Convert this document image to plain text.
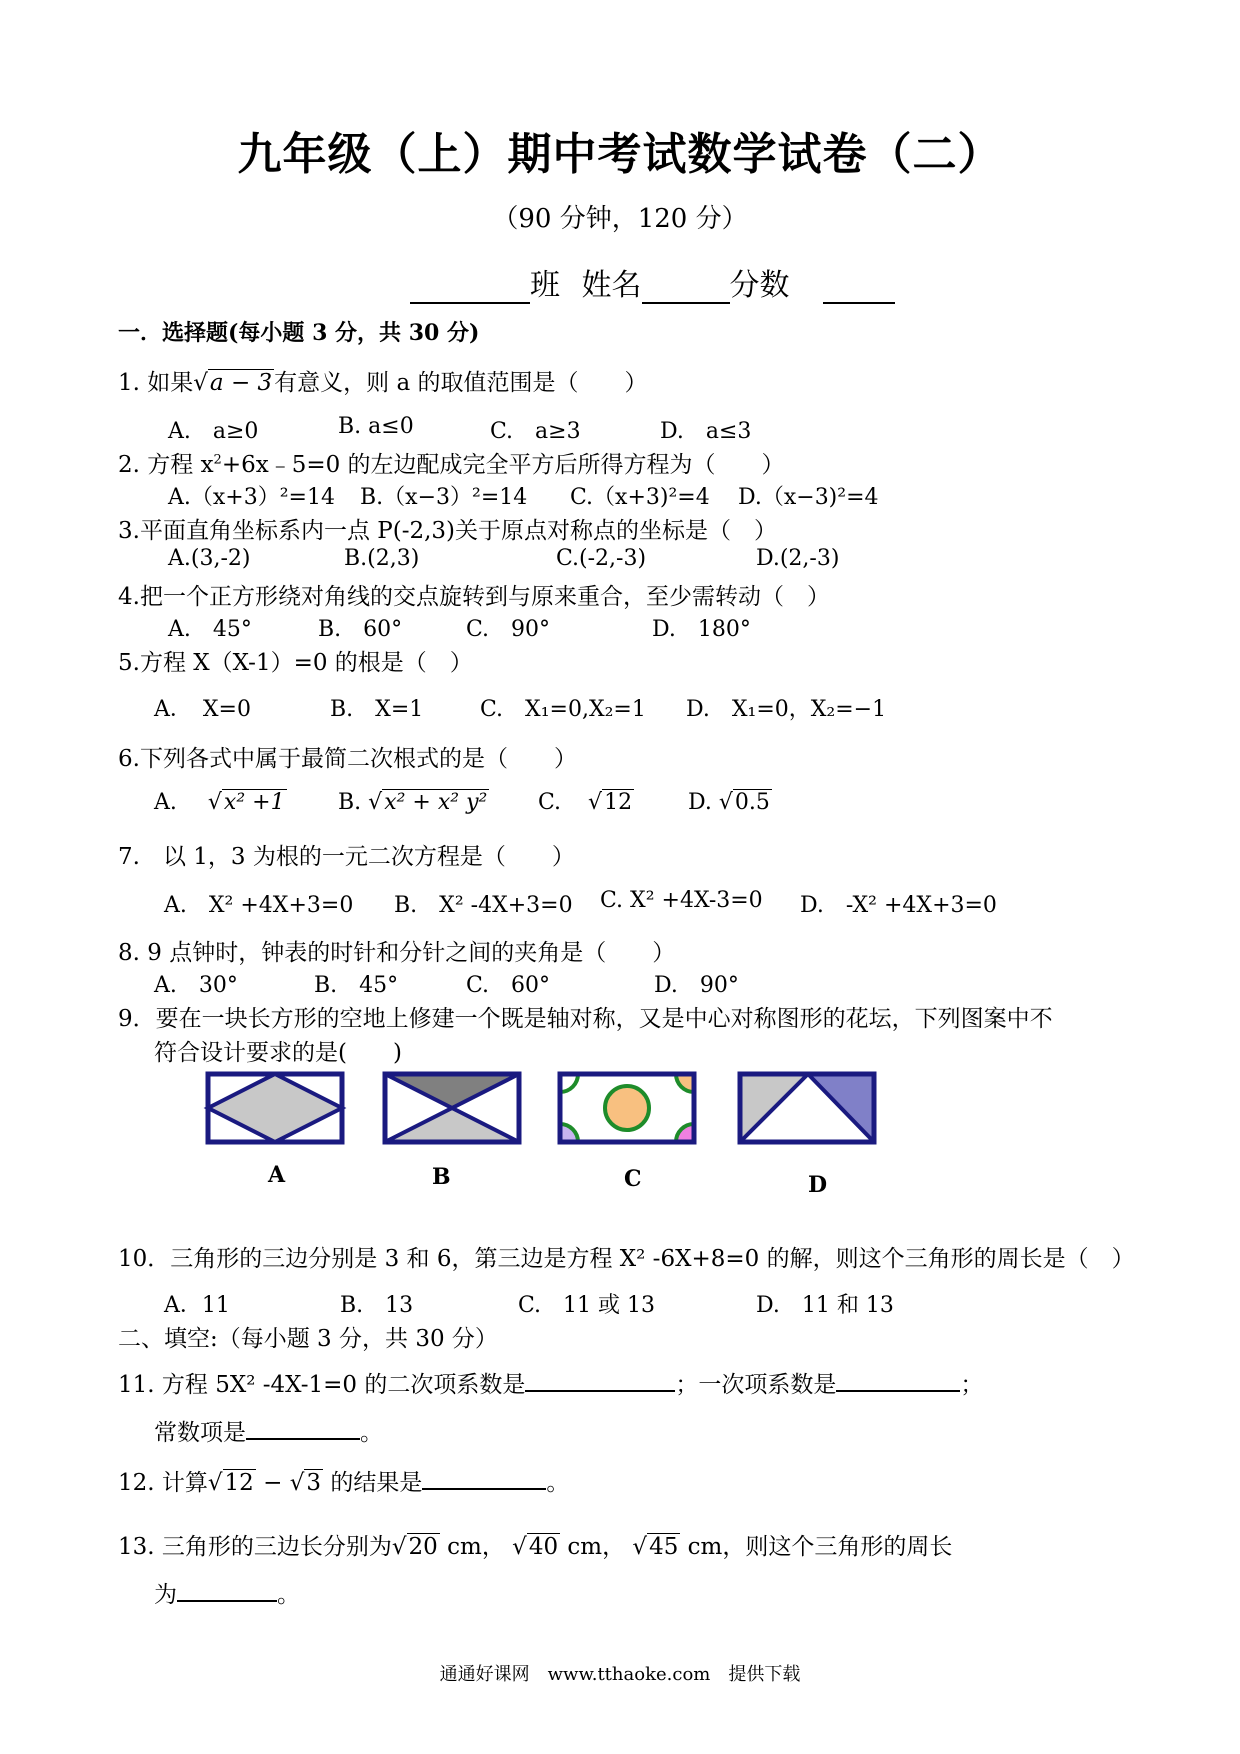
九年级（上）期中考试数学试卷（二）
（90 分钟，120 分）
班 姓名	分数
一．选择题(每小题 3 分，共 30 分)
1. 如果√a − 3有意义，则 a 的取值范围是（　　）
A.　a≥0	B. a≤0	C.　a≥3	D.　a≤3
2. 方程 $x^2+6x﹣5=0$ 的左边配成完全平方后所得方程为（　　）
A.（x+3）²=14 B.（x−3）²=14 C.（x+3)²=4 D.（x−3)²=4
3.平面直角坐标系内一点 P(-2,3)关于原点对称点的坐标是（　）
A.(3,-2)	B.(2,3)	C.(-2,-3)	D.(2,-3)
4.把一个正方形绕对角线的交点旋转到与原来重合，至少需转动（　）
A.　45°	B.　60°	C.　90°	D.　180°
5.方程 X（X-1）=0 的根是（　）
A．　X=0	B.　X=1	C.　X₁=0,X₂=1 D.　X₁=0，X₂=−1
6.下列各式中属于最简二次根式的是（　　）
A. √x² +1 B. √x² + x² y² C. √12	D. √0.5
7.　以 1，3 为根的一元二次方程是（　　）
A.　X² +4X+3=0 B.　X² -4X+3=0 C. X² +4X-3=0 D.　-X² +4X+3=0
8. 9 点钟时，钟表的时针和分针之间的夹角是（　　）
A.　30°	B.　45°	C.　60°	D.　90°
9．要在一块长方形的空地上修建一个既是轴对称，又是中心对称图形的花坛，下列图案中不
符合设计要求的是(　　)
A	B	C	D
10．三角形的三边分别是 3 和 6，第三边是方程 X² -6X+8=0 的解，则这个三角形的周长是（　）
A．11	B.　13	C.　11 或 13	D.　11 和 13
二、填空:（每小题 3 分，共 30 分）
11. 方程 5X² -4X-1=0 的二次项系数是	；一次项系数是	；
常数项是	。
12. 计算√12 − √3 的结果是	。
13. 三角形的三边长分别为√20 cm， √40 cm， √45 cm，则这个三角形的周长
为	。
通通好课网　www.tthaoke.com　提供下载
